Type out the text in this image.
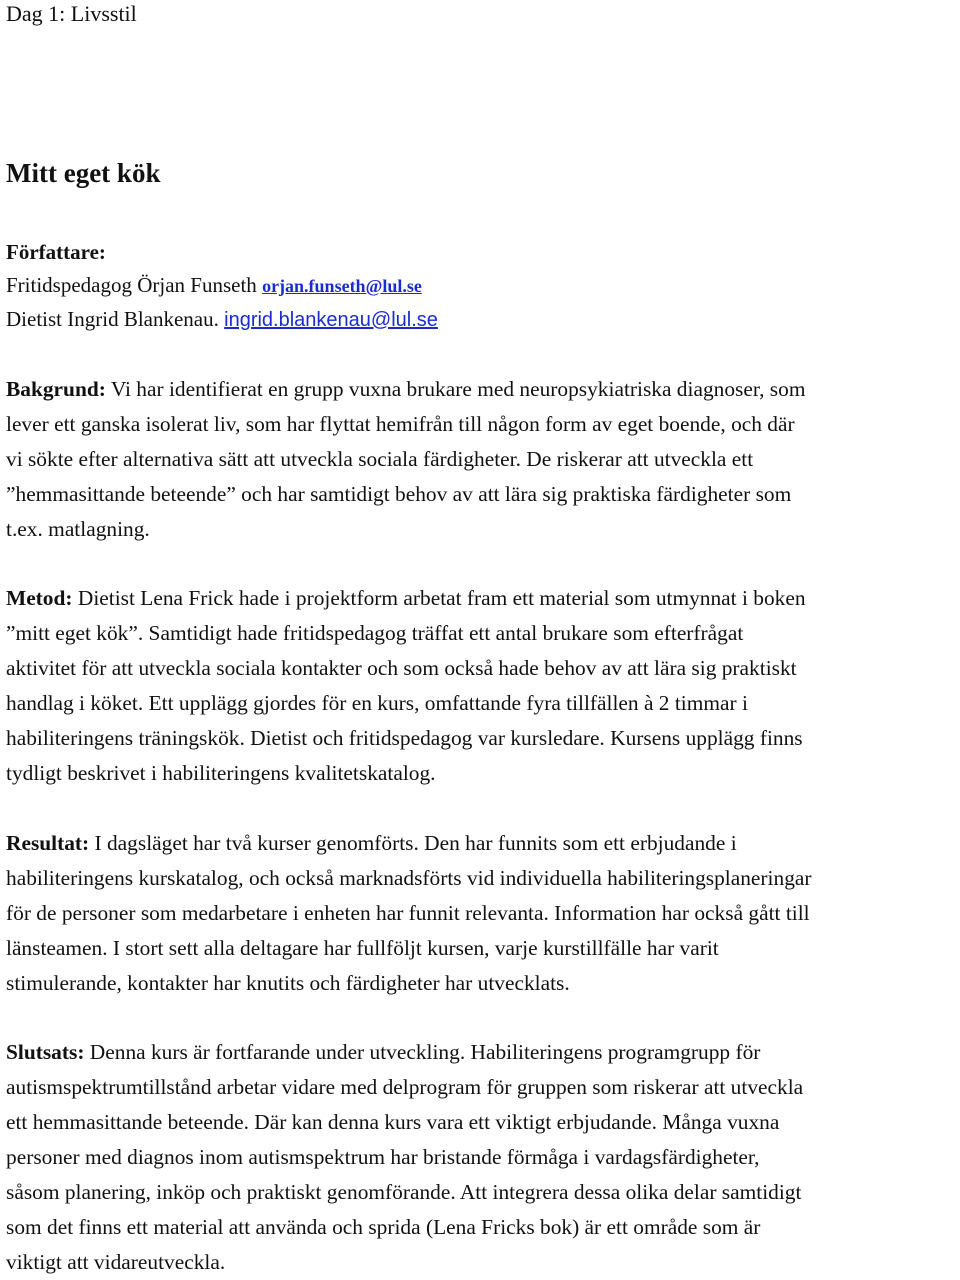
Dag 1: Livsstil
Mitt eget kök
Författare:
Fritidspedagog Örjan Funseth orjan.funseth@lul.se
Dietist Ingrid Blankenau. ingrid.blankenau@lul.se

Bakgrund: Vi har identifierat en grupp vuxna brukare med neuropsykiatriska diagnoser, som
lever ett ganska isolerat liv, som har flyttat hemifrån till någon form av eget boende, och där
vi sökte efter alternativa sätt att utveckla sociala färdigheter. De riskerar att utveckla ett
”hemmasittande beteende” och har samtidigt behov av att lära sig praktiska färdigheter som
t.ex. matlagning.

Metod: Dietist Lena Frick hade i projektform arbetat fram ett material som utmynnat i boken
”mitt eget kök”. Samtidigt hade fritidspedagog träffat ett antal brukare som efterfrågat
aktivitet för att utveckla sociala kontakter och som också hade behov av att lära sig praktiskt
handlag i köket. Ett upplägg gjordes för en kurs, omfattande fyra tillfällen à 2 timmar i
habiliteringens träningskök. Dietist och fritidspedagog var kursledare. Kursens upplägg finns
tydligt beskrivet i habiliteringens kvalitetskatalog.

Resultat: I dagsläget har två kurser genomförts. Den har funnits som ett erbjudande i
habiliteringens kurskatalog, och också marknadsförts vid individuella habiliteringsplaneringar
för de personer som medarbetare i enheten har funnit relevanta. Information har också gått till
länsteamen. I stort sett alla deltagare har fullföljt kursen, varje kurstillfälle har varit
stimulerande, kontakter har knutits och färdigheter har utvecklats.

Slutsats: Denna kurs är fortfarande under utveckling. Habiliteringens programgrupp för
autismspektrumtillstånd arbetar vidare med delprogram för gruppen som riskerar att utveckla
ett hemmasittande beteende. Där kan denna kurs vara ett viktigt erbjudande. Många vuxna
personer med diagnos inom autismspektrum har bristande förmåga i vardagsfärdigheter,
såsom planering, inköp och praktiskt genomförande. Att integrera dessa olika delar samtidigt
som det finns ett material att använda och sprida (Lena Fricks bok) är ett område som är
viktigt att vidareutveckla.
